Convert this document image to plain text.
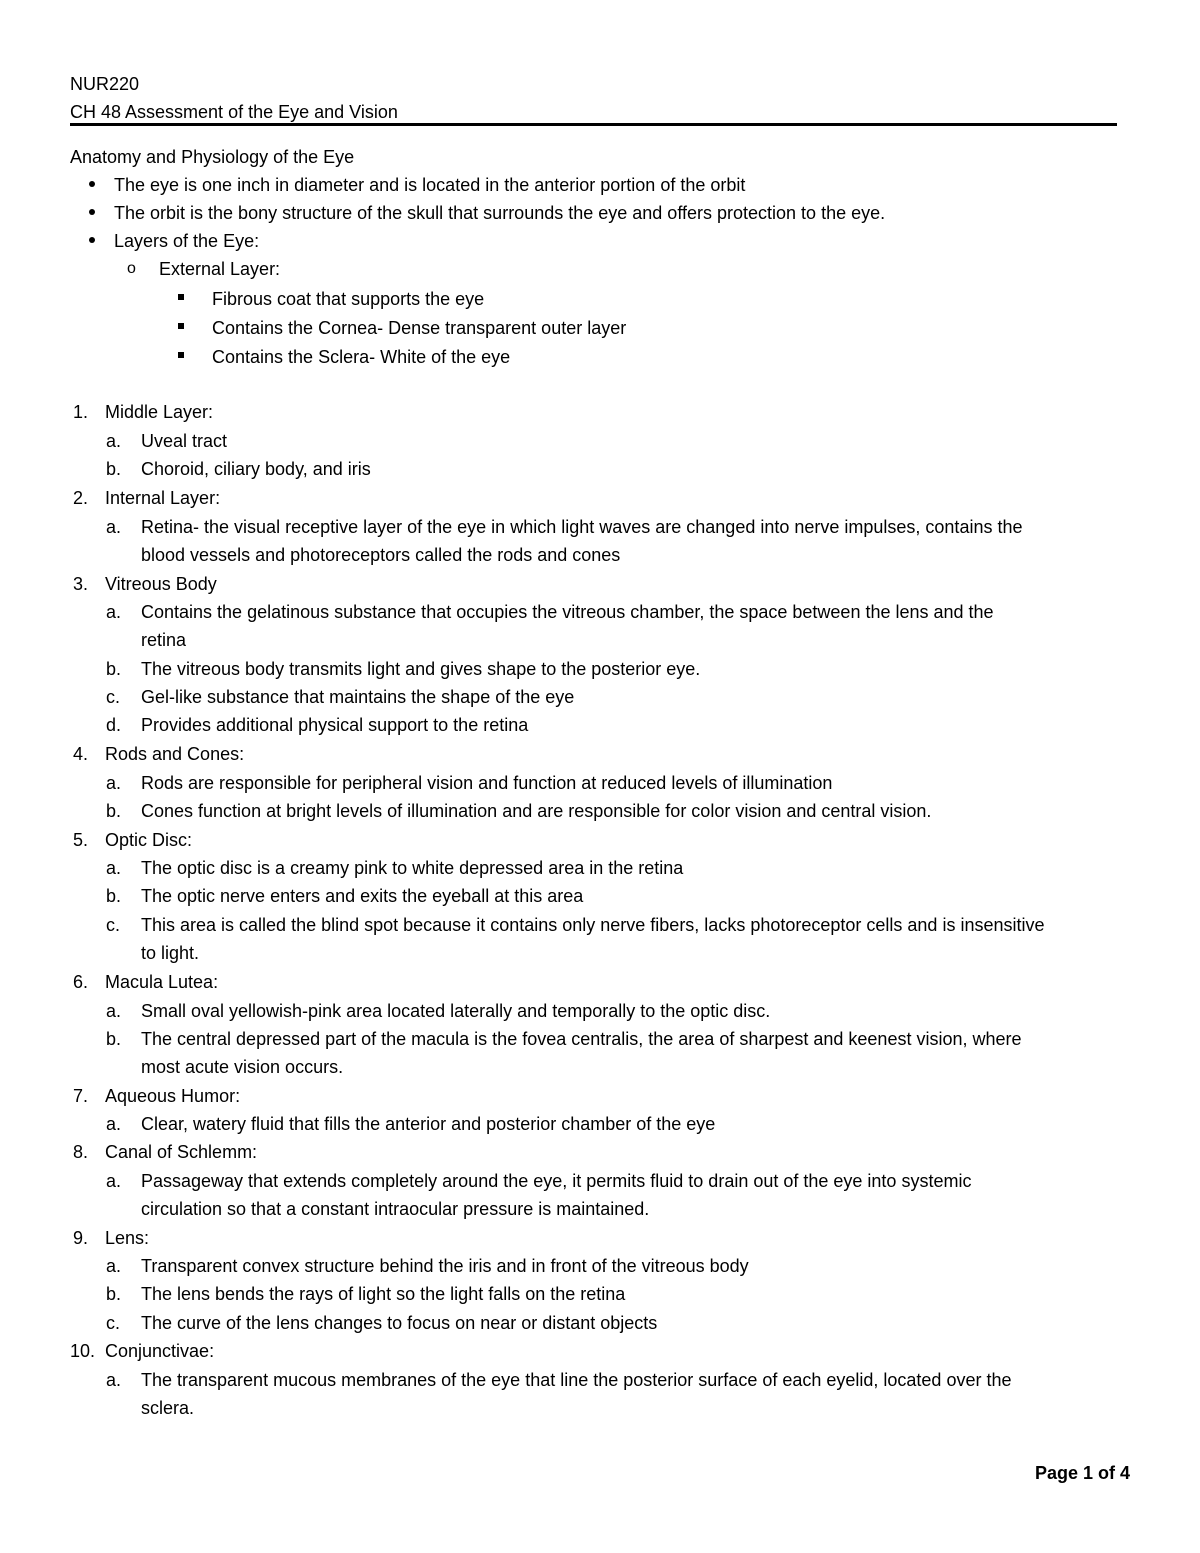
NUR220
CH 48 Assessment of the Eye and Vision
Anatomy and Physiology of the Eye
The eye is one inch in diameter and is located in the anterior portion of the orbit
The orbit is the bony structure of the skull that surrounds the eye and offers protection to the eye.
Layers of the Eye:
o External Layer:
Fibrous coat that supports the eye
Contains the Cornea- Dense transparent outer layer
Contains the Sclera- White of the eye
1. Middle Layer:
a. Uveal tract
b. Choroid, ciliary body, and iris
2. Internal Layer:
a. Retina- the visual receptive layer of the eye in which light waves are changed into nerve impulses, contains the
blood vessels and photoreceptors called the rods and cones
3. Vitreous Body
a. Contains the gelatinous substance that occupies the vitreous chamber, the space between the lens and the
retina
b. The vitreous body transmits light and gives shape to the posterior eye.
c. Gel-like substance that maintains the shape of the eye
d. Provides additional physical support to the retina
4. Rods and Cones:
a. Rods are responsible for peripheral vision and function at reduced levels of illumination
b. Cones function at bright levels of illumination and are responsible for color vision and central vision.
5. Optic Disc:
a. The optic disc is a creamy pink to white depressed area in the retina
b. The optic nerve enters and exits the eyeball at this area
c. This area is called the blind spot because it contains only nerve fibers, lacks photoreceptor cells and is insensitive
to light.
6. Macula Lutea:
a. Small oval yellowish-pink area located laterally and temporally to the optic disc.
b. The central depressed part of the macula is the fovea centralis, the area of sharpest and keenest vision, where
most acute vision occurs.
7. Aqueous Humor:
a. Clear, watery fluid that fills the anterior and posterior chamber of the eye
8. Canal of Schlemm:
a. Passageway that extends completely around the eye, it permits fluid to drain out of the eye into systemic
circulation so that a constant intraocular pressure is maintained.
9. Lens:
a. Transparent convex structure behind the iris and in front of the vitreous body
b. The lens bends the rays of light so the light falls on the retina
c. The curve of the lens changes to focus on near or distant objects
10. Conjunctivae:
a. The transparent mucous membranes of the eye that line the posterior surface of each eyelid, located over the
sclera.
Page 1 of 4
